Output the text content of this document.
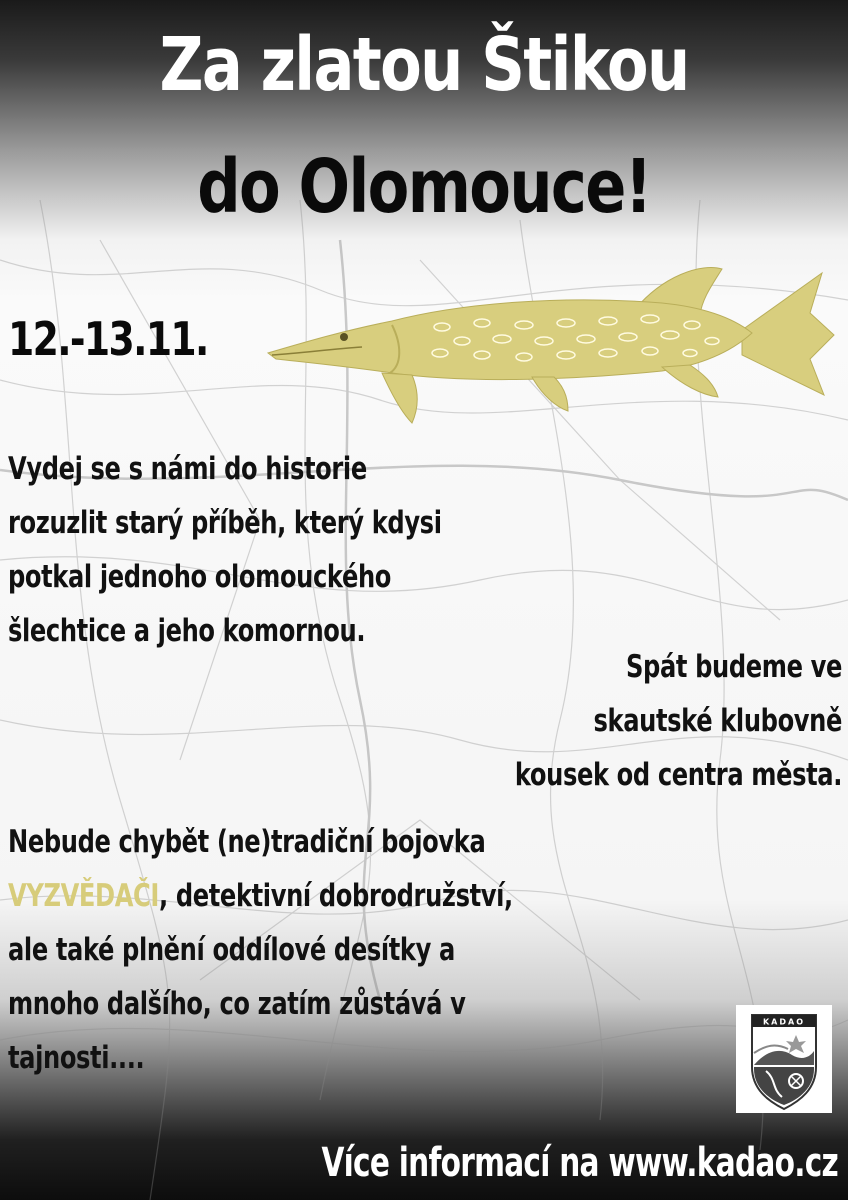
Za zlatou Štikou
do Olomouce!
12.-13.11.
Vydej se s námi do historie
rozuzlit starý příběh, který kdysi
potkal jednoho olomouckého
šlechtice a jeho komornou.
Spát budeme ve
skautské klubovně
kousek od centra města.
Nebude chybět (ne)tradiční bojovka
VYZVĚDAČI, detektivní dobrodružství,
ale také plnění oddílové desítky a
mnoho dalšího, co zatím zůstává v
tajnosti....
KADAO
Více informací na www.kadao.cz
